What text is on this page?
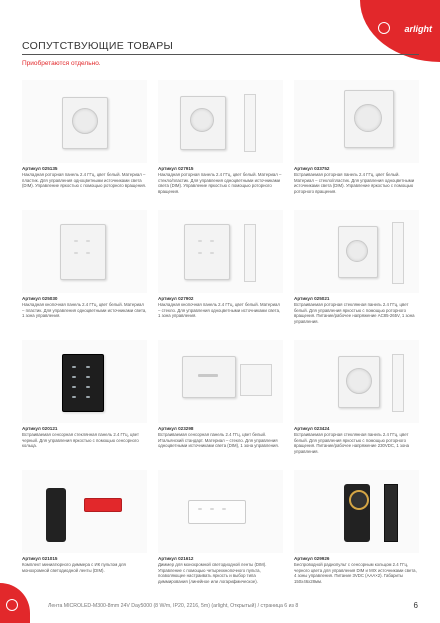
arlight
СОПУТСТВУЮЩИЕ ТОВАРЫ
Приобретаются отдельно.
Артикул 025135
Накладная роторная панель 2.4 ГГц, цвет белый. Материал – пластик. Для управления одноцветными источниками света (DIM). Управление яркостью с помощью роторного вращения.
Артикул 027915
Накладная роторная панель 2.4 ГГц, цвет белый. Материал – стекло/пластик. Для управления одноцветными источниками света (DIM). Управление яркостью с помощью роторного вращения.
Артикул 033752
Встраиваемая роторная панель 2.4 ГГц, цвет белый. Материал – стекло/пластик. Для управления одноцветными источниками света (DIM). Управление яркостью с помощью роторного вращения.
Артикул 025030
Накладная кнопочная панель 2.4 ГГц, цвет белый. Материал – пластик. Для управления одноцветными источниками света, 1 зона управления.
Артикул 027902
Накладная кнопочная панель 2.4 ГГц, цвет белый. Материал – стекло. Для управления одноцветными источниками света, 1 зона управления.
Артикул 025021
Встраиваемая роторная стеклянная панель 2.4 ГГц, цвет белый. Для управления яркостью с помощью роторного вращения. Питание/рабочее напряжение AC85-265V, 1 зона управления.
Артикул 020121
Встраиваемая сенсорная стеклянная панель 2.4 ГГц, цвет черный. Для управления яркостью с помощью сенсорного кольца.
Артикул 023298
Встраиваемая сенсорная панель 2.4 ГГц, цвет белый. Итальянский стандарт. Материал – стекло. Для управления одноцветными источниками света (DIM), 1 зона управления.
Артикул 023424
Встраиваемая роторная стеклянная панель 2.4 ГГц, цвет белый. Для управления яркостью с помощью роторного вращения. Питание/рабочее напряжение 230VDC, 1 зона управления.
Артикул 021015
Комплект миниатюрного диммера с ИК пультом для монохромной светодиодной ленты (DIM).
Артикул 021612
Диммер для монохромной светодиодной ленты (DIM). Управление с помощью четырехкнопочного пульта, позволяющее настраивать яркость и выбор типа диммирования (линейное или логарифмическое).
Артикул 029926
Беспроводной радиопульт с сенсорным кольцом 2.4 ГГц, черного цвета для управления DIM и MIX источниками света, 4 зоны управления. Питание 3VDC (AAA×2). Габариты 150х46х28мм.
Лента MICROLED-M300-8mm 24V Day5000 (8 W/m, IP20, 2216, 5m) (arlight, Открытый) / страница 6 из 8	6
